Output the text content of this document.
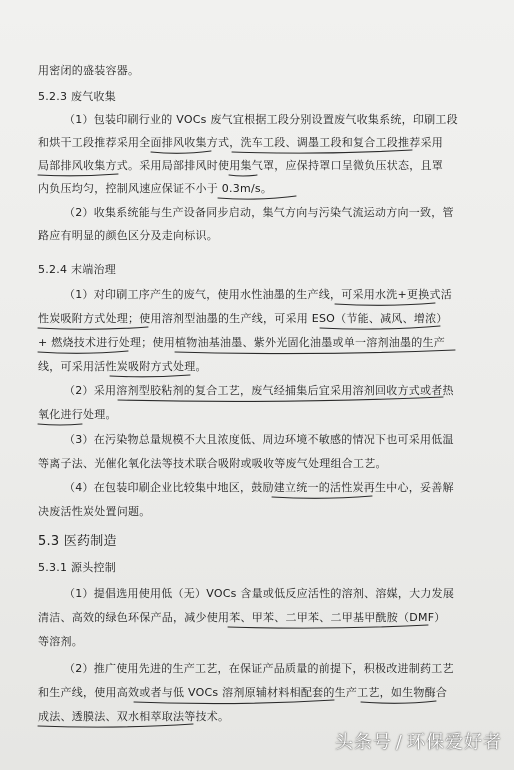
用密闭的盛装容器。
5.2.3 废气收集
（1）包装印刷行业的 VOCs 废气宜根据工段分别设置废气收集系统，印刷工段
和烘干工段推荐采用全面排风收集方式，洗车工段、调墨工段和复合工段推荐采用
局部排风收集方式。采用局部排风时使用集气罩，应保持罩口呈微负压状态，且罩
内负压均匀，控制风速应保证不小于 0.3m/s。
（2）收集系统能与生产设备同步启动，集气方向与污染气流运动方向一致，管
路应有明显的颜色区分及走向标识。
5.2.4 末端治理
（1）对印刷工序产生的废气，使用水性油墨的生产线，可采用水洗+更换式活
性炭吸附方式处理；使用溶剂型油墨的生产线，可采用 ESO（节能、减风、增浓）
+ 燃烧技术进行处理；使用植物油基油墨、紫外光固化油墨或单一溶剂油墨的生产
线，可采用活性炭吸附方式处理。
（2）采用溶剂型胶粘剂的复合工艺，废气经捕集后宜采用溶剂回收方式或者热
氧化进行处理。
（3）在污染物总量规模不大且浓度低、周边环境不敏感的情况下也可采用低温
等离子法、光催化氧化法等技术联合吸附或吸收等废气处理组合工艺。
（4）在包装印刷企业比较集中地区，鼓励建立统一的活性炭再生中心，妥善解
决废活性炭处置问题。
5.3 医药制造
5.3.1 源头控制
（1）提倡选用使用低（无）VOCs 含量或低反应活性的溶剂、溶媒，大力发展
清洁、高效的绿色环保产品，减少使用苯、甲苯、二甲苯、二甲基甲酰胺（DMF）
等溶剂。
（2）推广使用先进的生产工艺，在保证产品质量的前提下，积极改进制药工艺
和生产线，使用高效或者与低 VOCs 溶剂原辅材料相配套的生产工艺，如生物酶合
成法、透膜法、双水相萃取法等技术。
头条号 / 环保爱好者
